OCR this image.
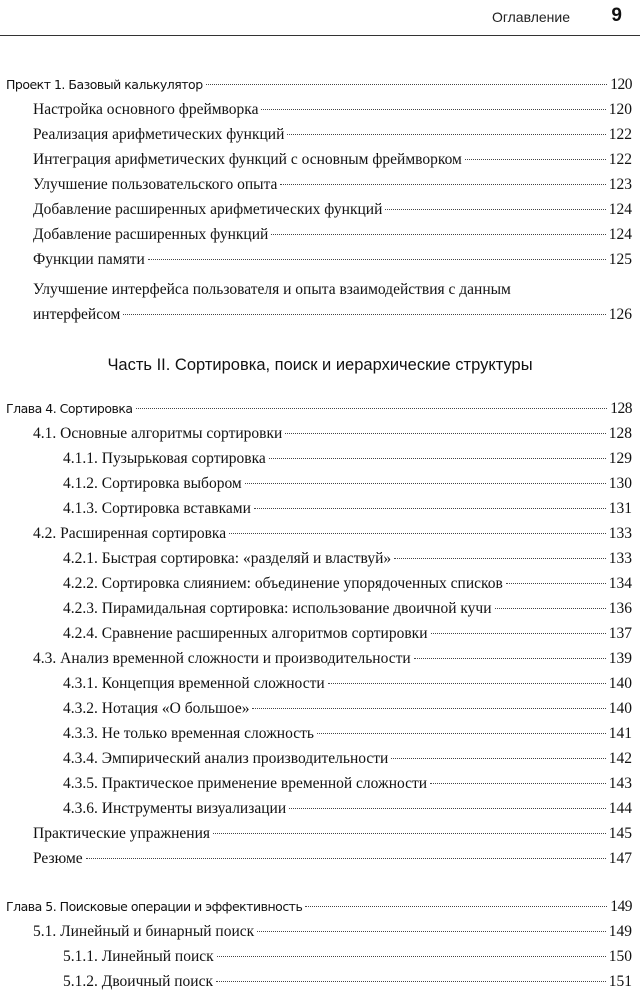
Оглавление 9
Проект 1. Базовый калькулятор	120
Настройка основного фреймворка	120
Реализация арифметических функций	122
Интеграция арифметических функций с основным фреймворком	122
Улучшение пользовательского опыта	123
Добавление расширенных арифметических функций	124
Добавление расширенных функций	124
Функции памяти	125
Улучшение интерфейса пользователя и опыта взаимодействия с данным
интерфейсом	126
Часть II. Сортировка, поиск и иерархические структуры
Глава 4. Сортировка	128
4.1. Основные алгоритмы сортировки	128
4.1.1. Пузырьковая сортировка	129
4.1.2. Сортировка выбором	130
4.1.3. Сортировка вставками	131
4.2. Расширенная сортировка	133
4.2.1. Быстрая сортировка: «разделяй и властвуй»	133
4.2.2. Сортировка слиянием: объединение упорядоченных списков	134
4.2.3. Пирамидальная сортировка: использование двоичной кучи	136
4.2.4. Сравнение расширенных алгоритмов сортировки	137
4.3. Анализ временной сложности и производительности	139
4.3.1. Концепция временной сложности	140
4.3.2. Нотация «О большое»	140
4.3.3. Не только временная сложность	141
4.3.4. Эмпирический анализ производительности	142
4.3.5. Практическое применение временной сложности	143
4.3.6. Инструменты визуализации	144
Практические упражнения	145
Резюме	147
Глава 5. Поисковые операции и эффективность	149
5.1. Линейный и бинарный поиск	149
5.1.1. Линейный поиск	150
5.1.2. Двоичный поиск	151
